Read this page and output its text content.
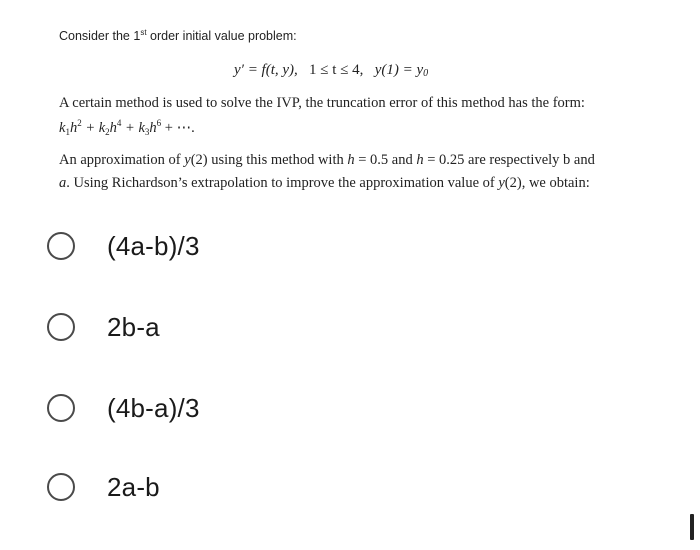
Consider the 1st order initial value problem:
y′ = f(t, y), 1 ≤ t ≤ 4, $y(1) = y_0$
A certain method is used to solve the IVP, the truncation error of this method has the form:
$k_1h^2 + k_2h^4 + k_3h^6$ + ⋯.
An approximation of y(2) using this method with h = 0.5 and h = 0.25 are respectively b and
a. Using Richardson’s extrapolation to improve the approximation value of y(2), we obtain:
(4a-b)/3
2b-a
(4b-a)/3
2a-b
